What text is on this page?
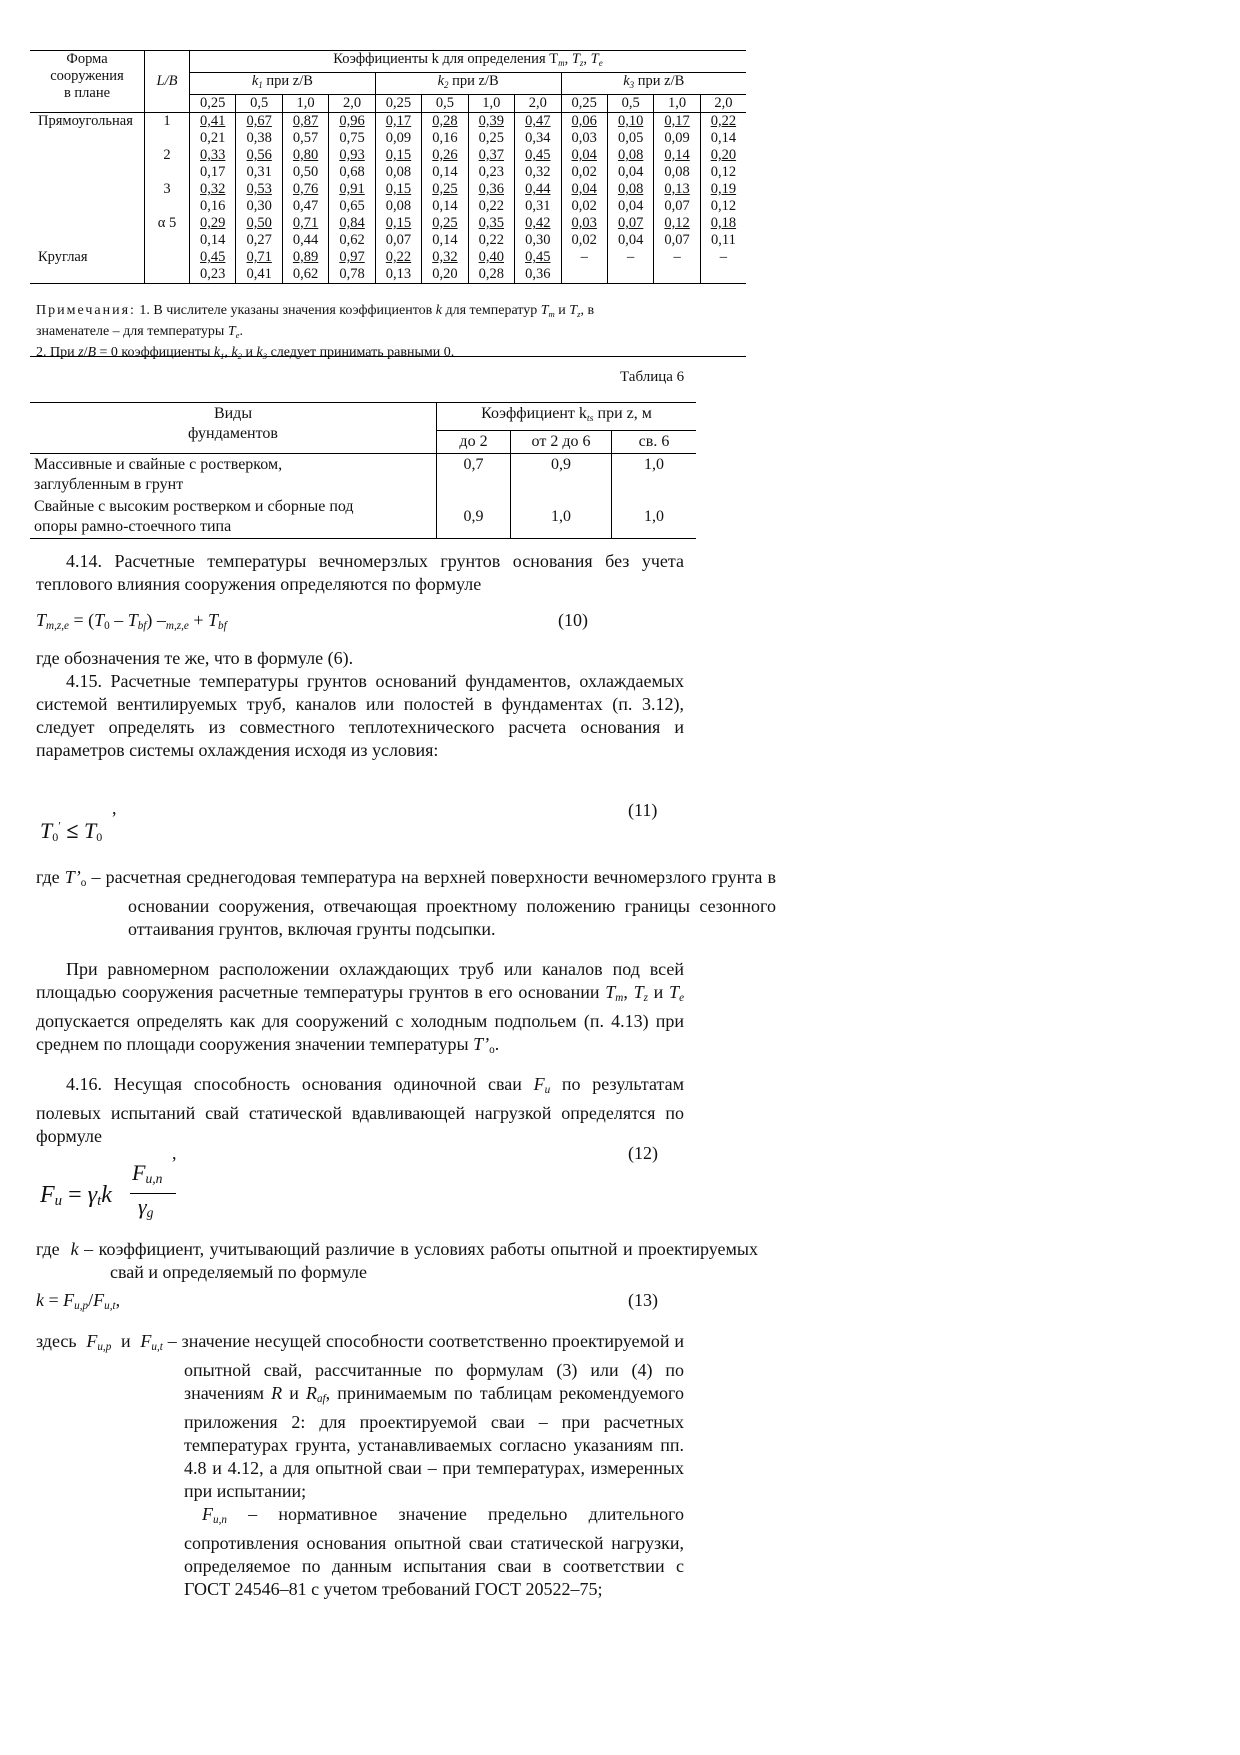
Форма
сооружения
в плане	L/B	Коэффициенты k для определения $T_m$, $T_z$, $T_e$
		$k_1$ при z/B				$k_2$ при z/B				$k_3$ при z/B			
		0,25	0,5	1,0	2,0	0,25	0,5	1,0	2,0	0,25	0,5	1,0	2,0
Прямоугольная	1	0,41	0,67	0,87	0,96	0,17	0,28	0,39	0,47	0,06	0,10	0,17	0,22
		0,21	0,38	0,57	0,75	0,09	0,16	0,25	0,34	0,03	0,05	0,09	0,14
	2	0,33	0,56	0,80	0,93	0,15	0,26	0,37	0,45	0,04	0,08	0,14	0,20
		0,17	0,31	0,50	0,68	0,08	0,14	0,23	0,32	0,02	0,04	0,08	0,12
	3	0,32	0,53	0,76	0,91	0,15	0,25	0,36	0,44	0,04	0,08	0,13	0,19
		0,16	0,30	0,47	0,65	0,08	0,14	0,22	0,31	0,02	0,04	0,07	0,12
	α 5	0,29	0,50	0,71	0,84	0,15	0,25	0,35	0,42	0,03	0,07	0,12	0,18
		0,14	0,27	0,44	0,62	0,07	0,14	0,22	0,30	0,02	0,04	0,07	0,11
Круглая		0,45	0,71	0,89	0,97	0,22	0,32	0,40	0,45	–	–	–	–
		0,23	0,41	0,62	0,78	0,13	0,20	0,28	0,36				
Примечания: 1. В числителе указаны значения коэффициентов k для температур $T_m$ и $T_z$, в
знаменателе – для температуры $T_e$.
2. При z/B = 0 коэффициенты $k_1$, $k_2$ и $k_3$ следует принимать равными 0.
Таблица 6
Виды
фундаментов	Коэффициент $k_{ts}$ при z, м		
	до 2	от 2 до 6	св. 6
Массивные и свайные с ростверком,
заглубленным в грунт	0,7	0,9	1,0
Свайные с высоким ростверком и сборные под
опоры рамно-стоечного типа	0,9	1,0	1,0
4.14. Расчетные температуры вечномерзлых грунтов основания без учета теплового влияния сооружения определяются по формуле
$T_{m,z,e} = (T_0 - T_{bf}) -_{m,z,e} + T_{bf}$	(10)
где обозначения те же, что в формуле (6).
4.15. Расчетные температуры грунтов оснований фундаментов, охлаждаемых системой вентилируемых труб, каналов или полостей в фундаментах (п. 3.12), следует определять из совместного теплотехнического расчета основания и параметров системы охлаждения исходя из условия:
,
$T_0' \le T_0$
(11)
где $T’_o$ – расчетная среднегодовая температура на верхней поверхности вечномерзлого грунта в основании сооружения, отвечающая проектному положению границы сезонного оттаивания грунтов, включая грунты подсыпки.
При равномерном расположении охлаждающих труб или каналов под всей площадью сооружения расчетные температуры грунтов в его основании $T_m$, $T_z$ и $T_e$ допускается определять как для сооружений с холодным подпольем (п. 4.13) при среднем по площади сооружения значении температуры $T’_o$.
4.16. Несущая способность основания одиночной сваи $F_u$ по результатам полевых испытаний свай статической вдавливающей нагрузкой определятся по формуле
,
$F_u = \gamma_tk$
$F_{u,n}$
$\gamma_g$
(12)
где  k – коэффициент, учитывающий различие в условиях работы опытной и проектируемых свай и определяемый по формуле
$k = F_{u,p}/F_{u,t}$,	(13)
здесь  $F_{u,p}$  и  $F_{u,t}$ – значение несущей способности соответственно проектируемой и опытной свай, рассчитанные по формулам (3) или (4) по значениям R и $R_{af}$, принимаемым по таблицам рекомендуемого приложения 2: для проектируемой сваи – при расчетных температурах грунта, устанавливаемых согласно указаниям пп. 4.8 и 4.12, а для опытной сваи – при температурах, измеренных при испытании;
$F_{u,n}$ – нормативное значение предельно длительного сопротивления основания опытной сваи статической нагрузки, определяемое по данным испытания сваи в соответствии с ГОСТ 24546–81 с учетом требований ГОСТ 20522–75;
